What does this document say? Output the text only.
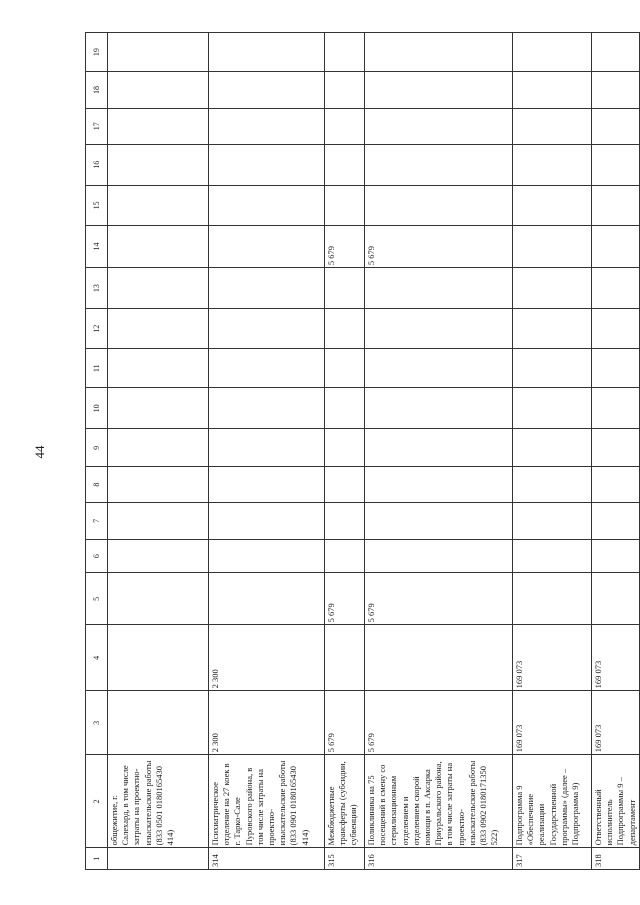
44
1	2	3	4	5	6	7	8	9	10	11	12	13	14	15	16	17	18	19
	общежитие, г. Салехард, в том числе затраты на проектно-изыскательские работы (833 0501 0180165430 414)																	
314	Психиатрическое отделение на 27 коек в г. Тарко-Сале Пуровского района, в том числе затраты на проектно-изыскательские работы (833 0901 0180165430 414)	2 300	2 300															
315	Межбюджетные трансферты (субсидии, субвенции)	5 679		5 679									5 679					
316	Поликлиника на 75 посещений в смену со стерилизационным отделением и отделением скорой помощи в п. Аксарка Приуральского района, в том числе затраты на проектно-изыскательские работы (833 0902 0180171350 522)	5 679		5 679									5 679					
317	Подпрограмма 9 «Обеспечение реализации Государственной программы» (далее – Подпрограмма 9)	169 073	169 073															
318	Ответственный исполнитель Подпрограммы 9 – департамент	169 073	169 073															
